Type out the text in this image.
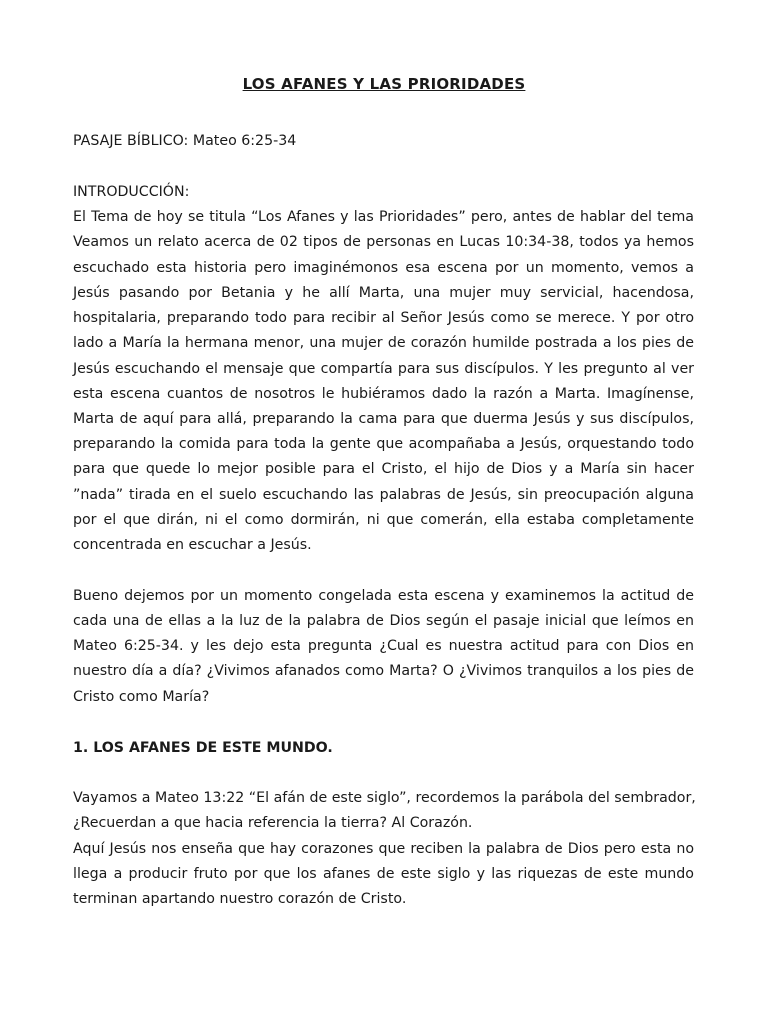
LOS AFANES Y LAS PRIORIDADES

PASAJE BÍBLICO: Mateo 6:25-34

INTRODUCCIÓN:

El Tema de hoy se titula “Los Afanes y las Prioridades” pero, antes de hablar del tema

Veamos un relato acerca de 02 tipos de personas en Lucas 10:34-38, todos ya hemos

escuchado esta historia pero imaginémonos esa escena por un momento, vemos a

Jesús pasando por Betania y he allí Marta, una mujer muy servicial, hacendosa,

hospitalaria, preparando todo para recibir al Señor Jesús como se merece. Y por otro

lado a María la hermana menor, una mujer de corazón humilde postrada a los pies de

Jesús escuchando el mensaje que compartía para sus discípulos. Y les pregunto al ver

esta escena cuantos de nosotros le hubiéramos dado la razón a Marta. Imagínense,

Marta de aquí para allá, preparando la cama para que duerma Jesús y sus discípulos,

preparando la comida para toda la gente que acompañaba a Jesús, orquestando todo

para que quede lo mejor posible para el Cristo, el hijo de Dios y a María sin hacer

”nada” tirada en el suelo escuchando las palabras de Jesús, sin preocupación alguna

por el que dirán, ni el como dormirán, ni que comerán, ella estaba completamente

concentrada en escuchar a Jesús.

Bueno dejemos por un momento congelada esta escena y examinemos la actitud de

cada una de ellas a la luz de la palabra de Dios según el pasaje inicial que leímos en

Mateo 6:25-34. y les dejo esta pregunta ¿Cual es nuestra actitud para con Dios en

nuestro día a día? ¿Vivimos afanados como Marta? O ¿Vivimos tranquilos a los pies de

Cristo como María?

1. LOS AFANES DE ESTE MUNDO.

Vayamos a Mateo 13:22 “El afán de este siglo”, recordemos la parábola del sembrador,

¿Recuerdan a que hacia referencia la tierra? Al Corazón.

Aquí Jesús nos enseña que hay corazones que reciben la palabra de Dios pero esta no

llega a producir fruto por que los afanes de este siglo y las riquezas de este mundo

terminan apartando nuestro corazón de Cristo.
